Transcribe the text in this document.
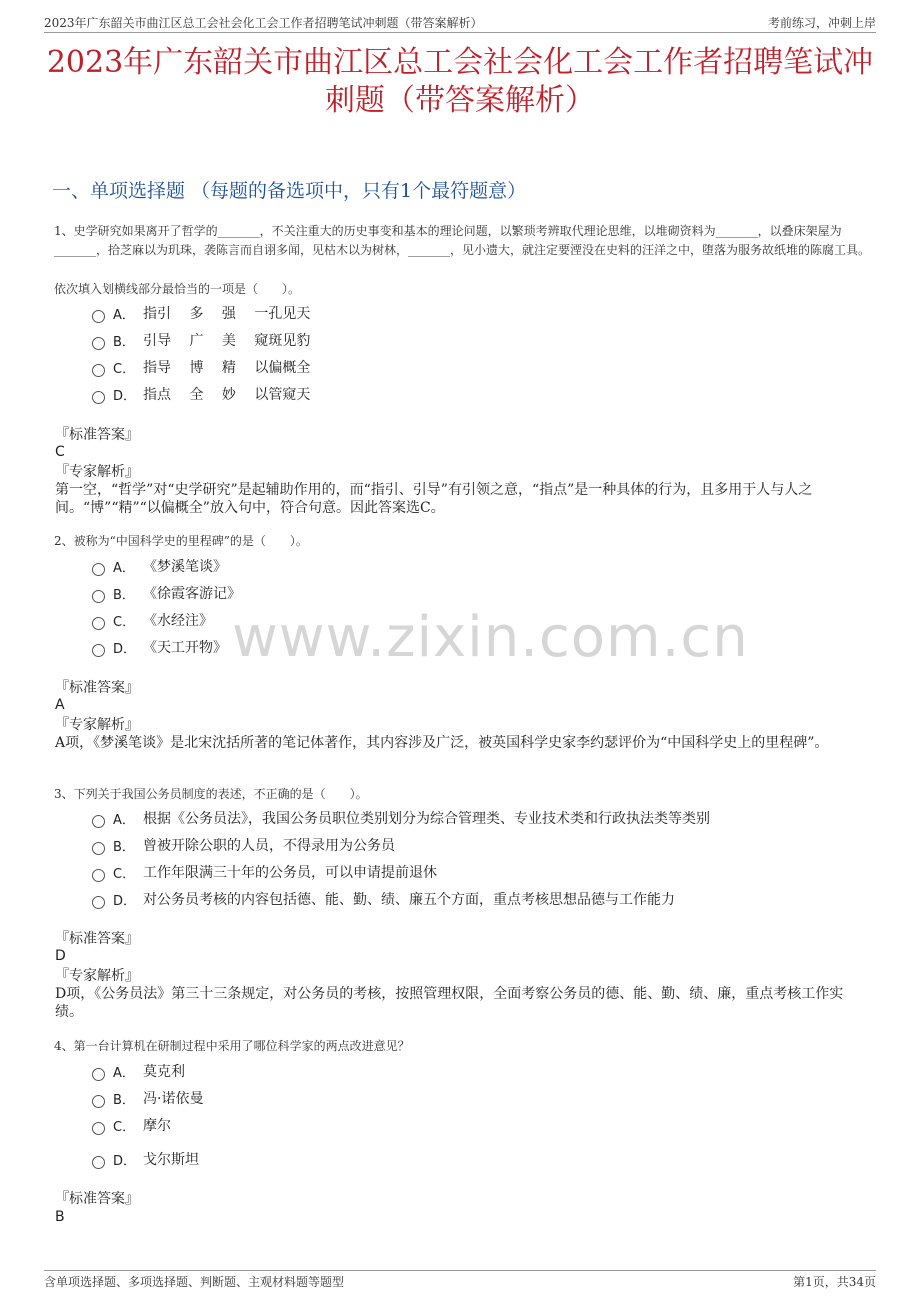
2023年广东韶关市曲江区总工会社会化工会工作者招聘笔试冲刺题（带答案解析）	考前练习，冲刺上岸
2023年广东韶关市曲江区总工会社会化工会工作者招聘笔试冲刺题（带答案解析）
一、单项选择题 （每题的备选项中，只有1个最符题意）
www.zixin.com.cn

1、史学研究如果离开了哲学的_______，不关注重大的历史事变和基本的理论问题，以繁琐考辨取代理论思维，以堆砌资料为_______，以叠床架屋为_______，拾芝麻以为玑珠，袭陈言而自诩多闻，见枯木以为树林，_______，见小遗大，就注定要湮没在史料的汪洋之中，堕落为服务故纸堆的陈腐工具。

依次填入划横线部分最恰当的一项是（　　）。

A． 指引　 多　 强　 一孔见天
B． 引导　 广　 美　 窥斑见豹
C． 指导　 博　 精　 以偏概全
D． 指点　 全　 妙　 以管窥天
『标准答案』
C
『专家解析』

第一空，“哲学”对“史学研究”是起辅助作用的，而“指引、引导”有引领之意，“指点”是一种具体的行为，且多用于人与人之间。“博”“精”“以偏概全”放入句中，符合句意。因此答案选C。

2、被称为“中国科学史的里程碑”的是（　　）。

A． 《梦溪笔谈》
B． 《徐霞客游记》
C． 《水经注》
D． 《天工开物》
『标准答案』
A
『专家解析』

A项，《梦溪笔谈》是北宋沈括所著的笔记体著作，其内容涉及广泛，被英国科学史家李约瑟评价为“中国科学史上的里程碑”。

3、下列关于我国公务员制度的表述，不正确的是（　　）。

A． 根据《公务员法》，我国公务员职位类别划分为综合管理类、专业技术类和行政执法类等类别
B． 曾被开除公职的人员，不得录用为公务员
C． 工作年限满三十年的公务员，可以申请提前退休
D． 对公务员考核的内容包括德、能、勤、绩、廉五个方面，重点考核思想品德与工作能力
『标准答案』
D
『专家解析』

D项，《公务员法》第三十三条规定，对公务员的考核，按照管理权限，全面考察公务员的德、能、勤、绩、廉，重点考核工作实绩。

4、第一台计算机在研制过程中采用了哪位科学家的两点改进意见？

A． 莫克利
B． 冯·诺依曼
C． 摩尔
D． 戈尔斯坦
『标准答案』
B
含单项选择题、多项选择题、判断题、主观材料题等题型	第1页，共34页
